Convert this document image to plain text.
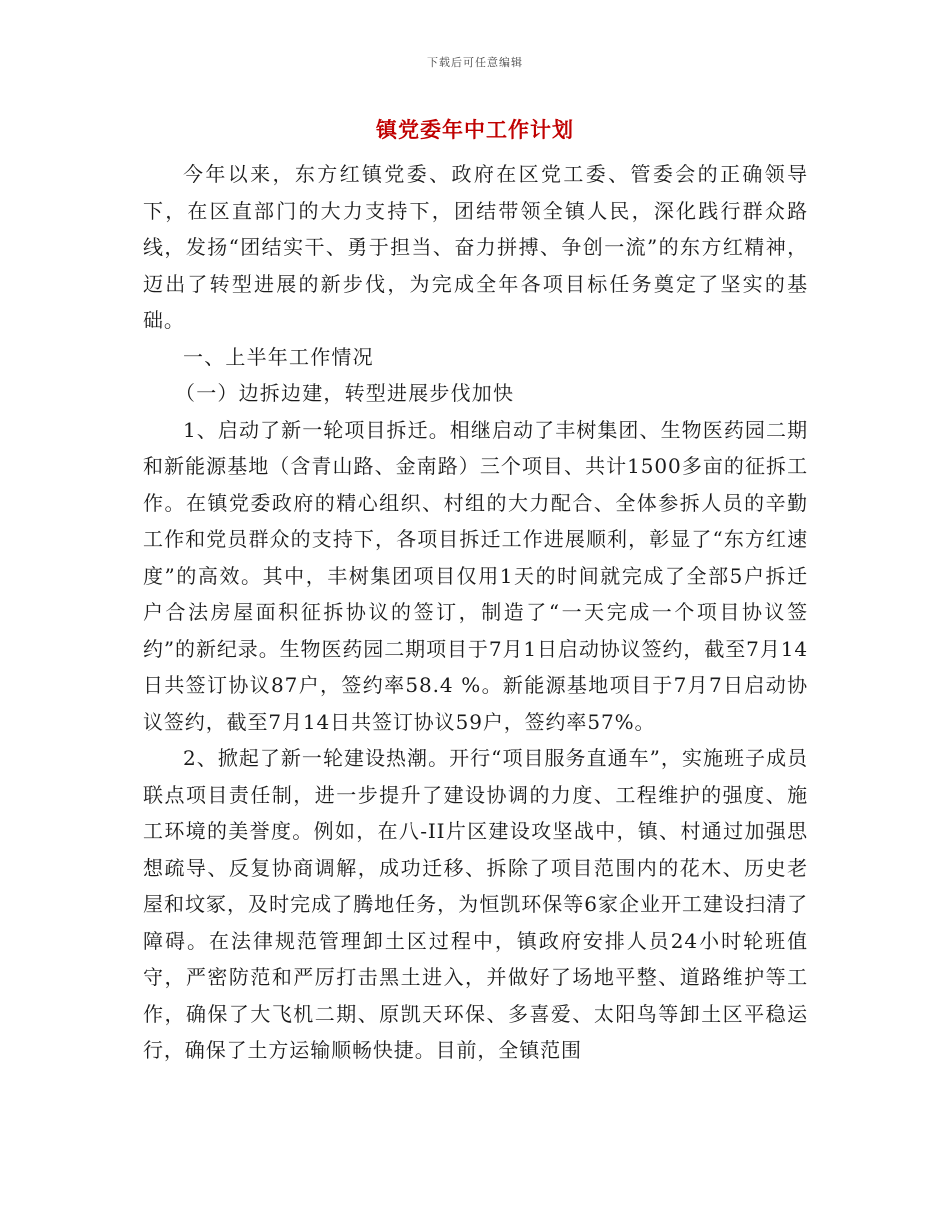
下载后可任意编辑
镇党委年中工作计划

今年以来，东方红镇党委、政府在区党工委、管委会的正确领导下，在区直部门的大力支持下，团结带领全镇人民，深化践行群众路线，发扬“团结实干、勇于担当、奋力拼搏、争创一流”的东方红精神，迈出了转型进展的新步伐，为完成全年各项目标任务奠定了坚实的基础。

一、上半年工作情况

（一）边拆边建，转型进展步伐加快

1、启动了新一轮项目拆迁。相继启动了丰树集团、生物医药园二期和新能源基地（含青山路、金南路）三个项目、共计1500多亩的征拆工作。在镇党委政府的精心组织、村组的大力配合、全体参拆人员的辛勤工作和党员群众的支持下，各项目拆迁工作进展顺利，彰显了“东方红速度”的高效。其中，丰树集团项目仅用1天的时间就完成了全部5户拆迁户合法房屋面积征拆协议的签订，制造了“一天完成一个项目协议签约”的新纪录。生物医药园二期项目于7月1日启动协议签约，截至7月14日共签订协议87户，签约率58.4 %。新能源基地项目于7月7日启动协议签约，截至7月14日共签订协议59户，签约率57%。

2、掀起了新一轮建设热潮。开行“项目服务直通车”，实施班子成员联点项目责任制，进一步提升了建设协调的力度、工程维护的强度、施工环境的美誉度。例如，在八-II片区建设攻坚战中，镇、村通过加强思想疏导、反复协商调解，成功迁移、拆除了项目范围内的花木、历史老屋和坟冢，及时完成了腾地任务，为恒凯环保等6家企业开工建设扫清了障碍。在法律规范管理卸土区过程中，镇政府安排人员24小时轮班值守，严密防范和严厉打击黑土进入，并做好了场地平整、道路维护等工作，确保了大飞机二期、原凯天环保、多喜爱、太阳鸟等卸土区平稳运行，确保了土方运输顺畅快捷。目前，全镇范围
